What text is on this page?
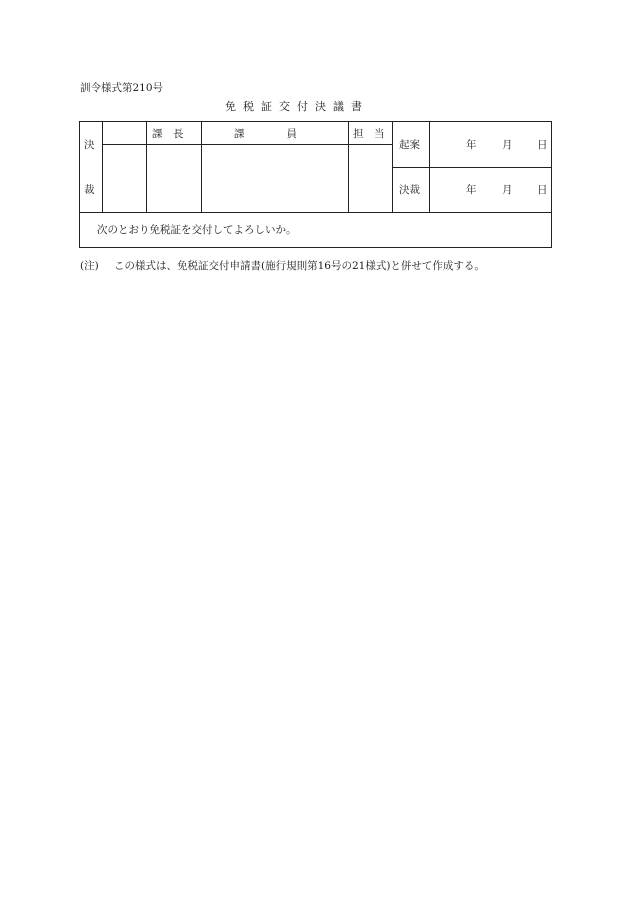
訓令様式第210号
免税証交付決議書
決
裁
課　長	課　　　　員	担　当
起案	年 月 日
決裁	年 月 日
次のとおり免税証を交付してよろしいか。
(注) この様式は、免税証交付申請書(施行規則第16号の21様式)と併せて作成する。
